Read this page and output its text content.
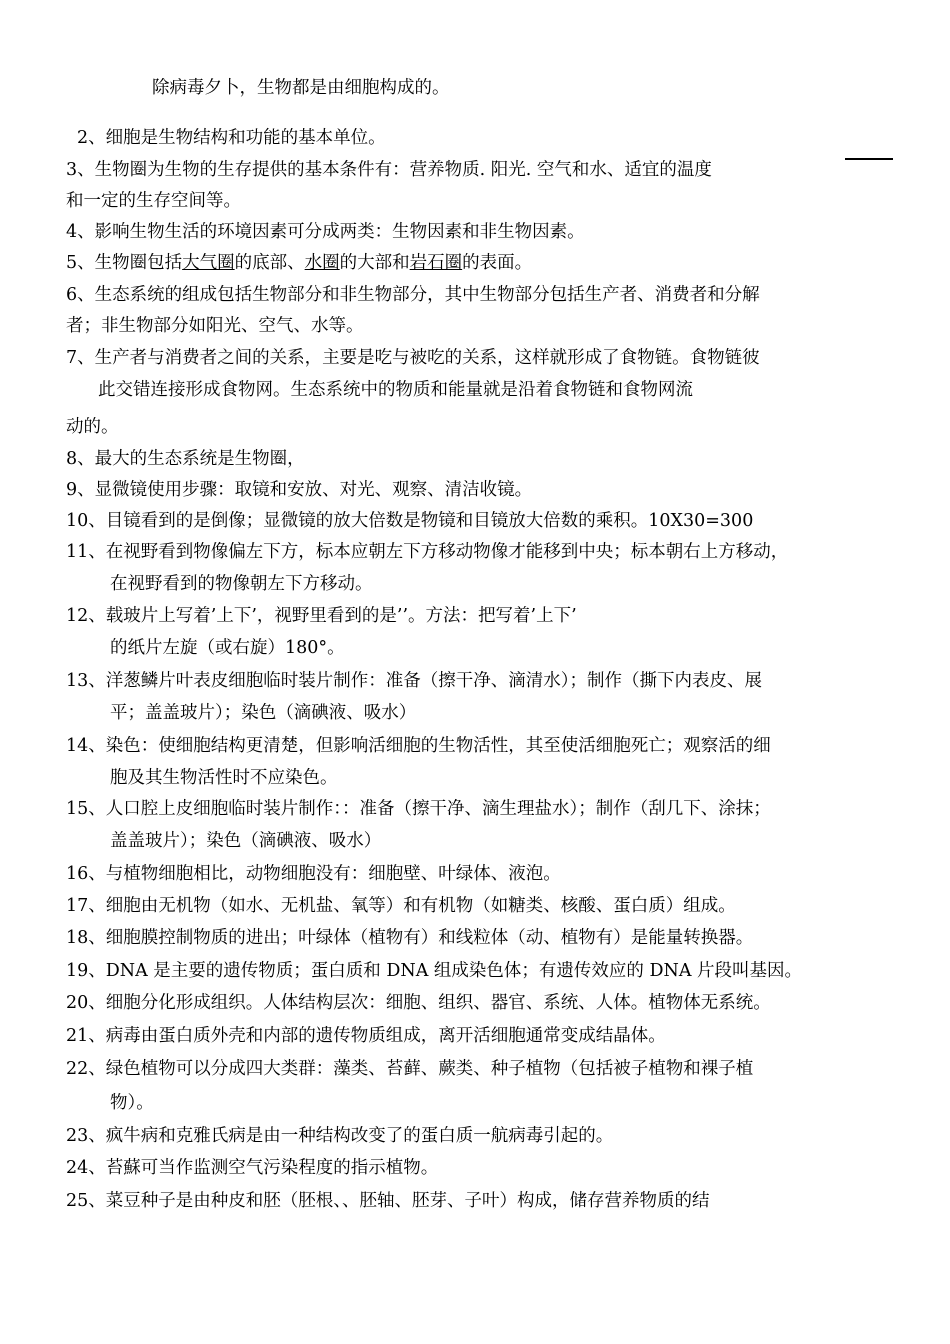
除病毒夕卜，生物都是由细胞构成的。
2、细胞是生物结构和功能的基本单位。
3、生物圈为生物的生存提供的基本条件有：营养物质. 阳光. 空气和水、适宜的温度
和一定的生存空间等。
4、影响生物生活的环境因素可分成两类：生物因素和非生物因素。
5、生物圈包括大气圈的底部、水圈的大部和岩石圈的表面。
6、生态系统的组成包括生物部分和非生物部分，其中生物部分包括生产者、消费者和分解
者；非生物部分如阳光、空气、水等。
7、生产者与消费者之间的关系，主要是吃与被吃的关系，这样就形成了食物链。食物链彼
此交错连接形成食物网。生态系统中的物质和能量就是沿着食物链和食物网流
动的。
8、最大的生态系统是生物圈，
9、显微镜使用步骤：取镜和安放、对光、观察、清洁收镜。
10、目镜看到的是倒像；显微镜的放大倍数是物镜和目镜放大倍数的乘积。10X30=300
11、在视野看到物像偏左下方，标本应朝左下方移动物像才能移到中央；标本朝右上方移动，
在视野看到的物像朝左下方移动。
12、载玻片上写着’上下’，视野里看到的是’’。方法：把写着’上下’
的纸片左旋（或右旋）180°。
13、洋葱鳞片叶表皮细胞临时装片制作：准备（擦干净、滴清水）；制作（撕下内表皮、展
平；盖盖玻片）；染色（滴碘液、吸水）
14、染色：使细胞结构更清楚，但影响活细胞的生物活性，其至使活细胞死亡；观察活的细
胞及其生物活性时不应染色。
15、人口腔上皮细胞临时装片制作：：准备（擦干净、滴生理盐水）；制作（刮几下、涂抹；
盖盖玻片）；染色（滴碘液、吸水）
16、与植物细胞相比，动物细胞没有：细胞壁、叶绿体、液泡。
17、细胞由无机物（如水、无机盐、氧等）和有机物（如糖类、核酸、蛋白质）组成。
18、细胞膜控制物质的进出；叶绿体（植物有）和线粒体（动、植物有）是能量转换器。
19、DNA 是主要的遗传物质；蛋白质和 DNA 组成染色体；有遗传效应的 DNA 片段叫基因。
20、细胞分化形成组织。人体结构层次：细胞、组织、器官、系统、人体。植物体无系统。
21、病毒由蛋白质外壳和内部的遗传物质组成，离开活细胞通常变成结晶体。
22、绿色植物可以分成四大类群：藻类、苔藓、蕨类、种子植物（包括被子植物和裸子植
物）。
23、疯牛病和克雅氏病是由一种结构改变了的蛋白质一航病毒引起的。
24、苔蘇可当作监测空气污染程度的指示植物。
25、菜豆种子是由种皮和胚（胚根、、胚轴、胚芽、子叶）构成，储存营养物质的结
